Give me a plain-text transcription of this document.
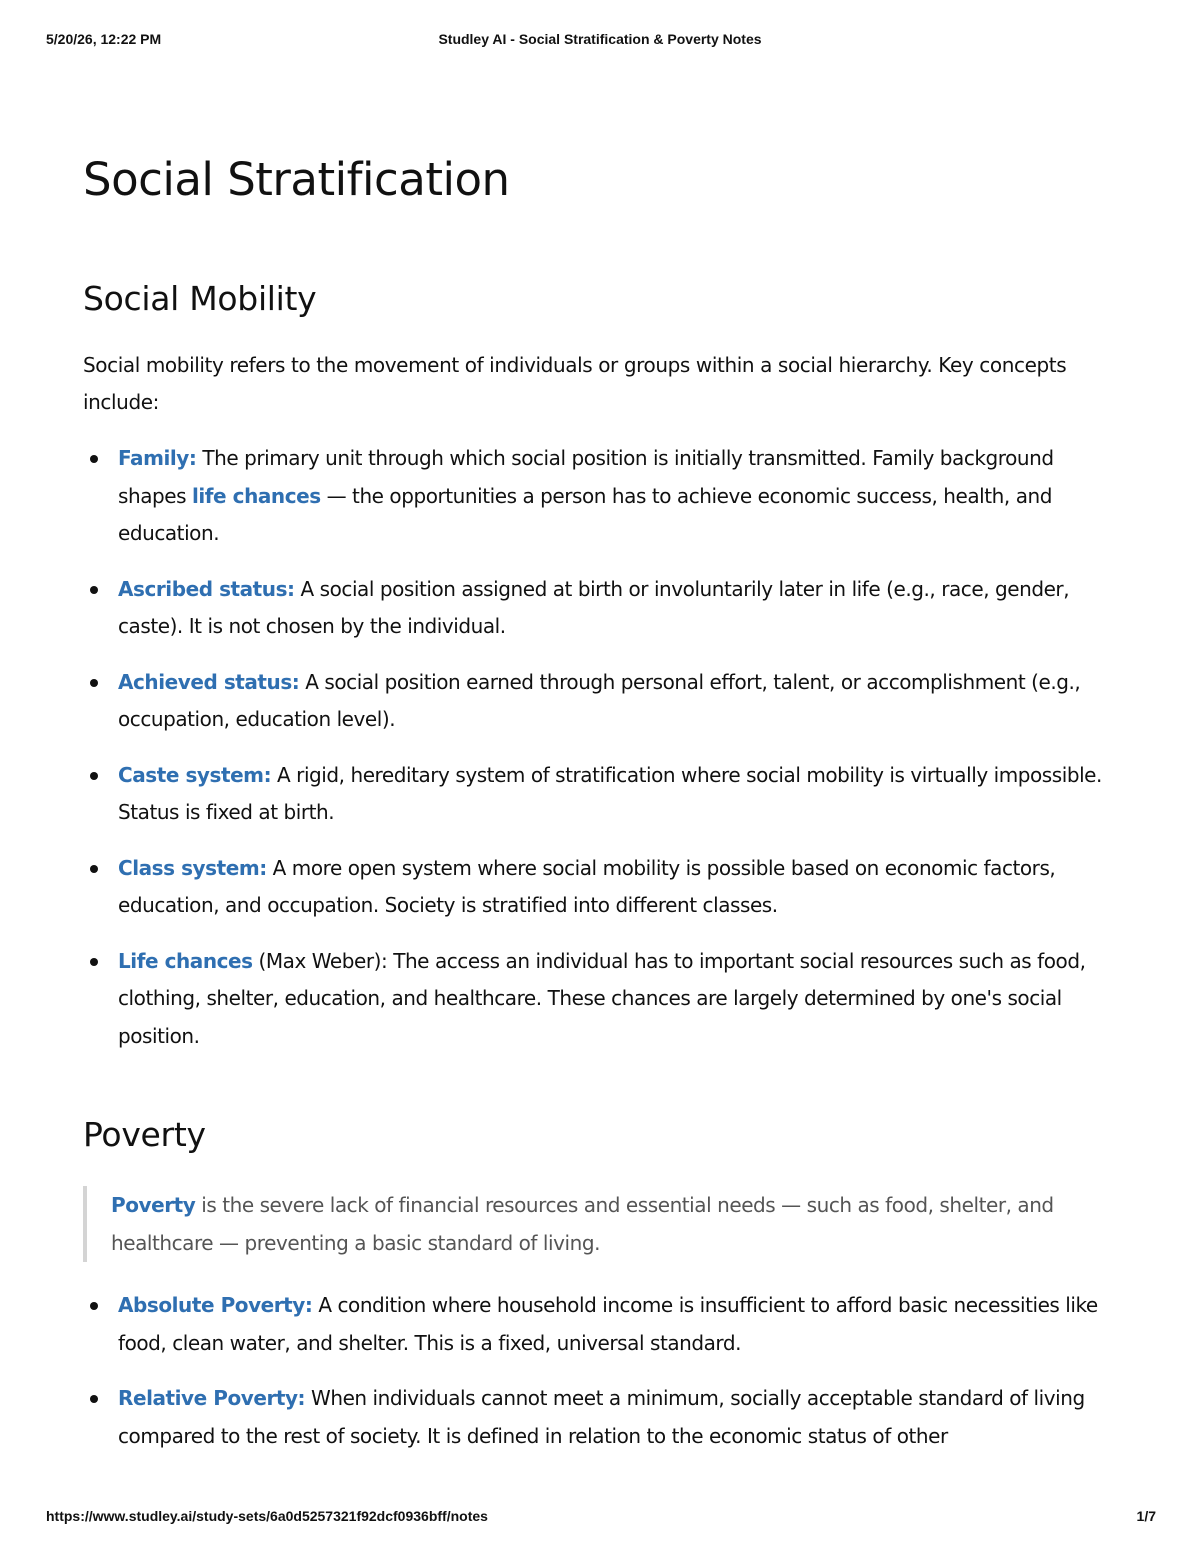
5/20/26, 12:22 PM	Studley AI - Social Stratification & Poverty Notes
Social Stratification
Social Mobility

Social mobility refers to the movement of individuals or groups within a social hierarchy. Key concepts include:

Family: The primary unit through which social position is initially transmitted. Family background shapes life chances — the opportunities a person has to achieve economic success, health, and education.
Ascribed status: A social position assigned at birth or involuntarily later in life (e.g., race, gender, caste). It is not chosen by the individual.
Achieved status: A social position earned through personal effort, talent, or accomplishment (e.g., occupation, education level).
Caste system: A rigid, hereditary system of stratification where social mobility is virtually impossible. Status is fixed at birth.
Class system: A more open system where social mobility is possible based on economic factors, education, and occupation. Society is stratified into different classes.
Life chances (Max Weber): The access an individual has to important social resources such as food, clothing, shelter, education, and healthcare. These chances are largely determined by one's social position.
Poverty
Poverty is the severe lack of financial resources and essential needs — such as food, shelter, and healthcare — preventing a basic standard of living.
Absolute Poverty: A condition where household income is insufficient to afford basic necessities like food, clean water, and shelter. This is a fixed, universal standard.
Relative Poverty: When individuals cannot meet a minimum, socially acceptable standard of living compared to the rest of society. It is defined in relation to the economic status of other
https://www.studley.ai/study-sets/6a0d5257321f92dcf0936bff/notes	1/7
